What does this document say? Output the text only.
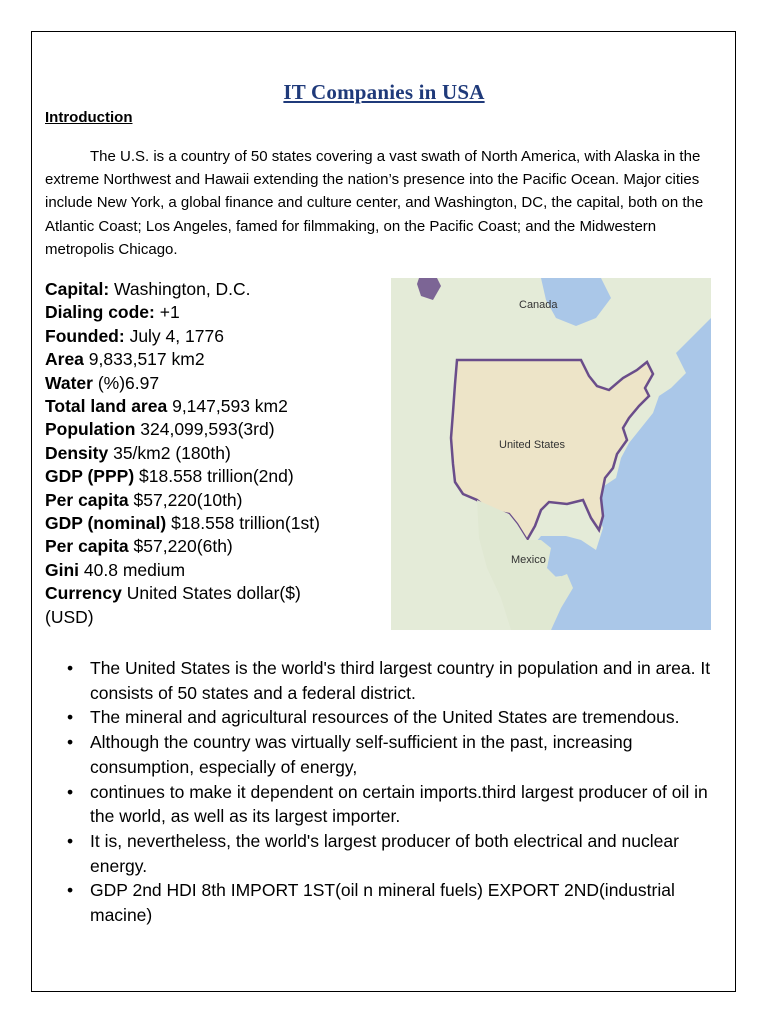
IT Companies in USA
Introduction
The U.S. is a country of 50 states covering a vast swath of North America, with Alaska in the extreme Northwest and Hawaii extending the nation’s presence into the Pacific Ocean. Major cities include New York, a global finance and culture center, and Washington, DC, the capital, both on the Atlantic Coast; Los Angeles, famed for filmmaking, on the Pacific Coast; and the Midwestern metropolis Chicago.
Capital: Washington, D.C.
Dialing code: +1
Founded: July 4, 1776
Area 9,833,517 km2
Water (%)6.97
Total land area 9,147,593 km2
Population 324,099,593(3rd)
Density 35/km2 (180th)
GDP (PPP) $18.558 trillion(2nd)
Per capita $57,220(10th)
GDP (nominal) $18.558 trillion(1st)
Per capita $57,220(6th)
Gini 40.8 medium
Currency United States dollar($)
(USD)
Canada
United States
Mexico
• The United States is the world's third largest country in population and in area. It consists of 50 states and a federal district.
• The mineral and agricultural resources of the United States are tremendous.
• Although the country was virtually self-sufficient in the past, increasing consumption, especially of energy,
• continues to make it dependent on certain imports.third largest producer of oil in the world, as well as its largest importer.
• It is, nevertheless, the world's largest producer of both electrical and nuclear energy.
• GDP 2nd HDI 8th IMPORT 1ST(oil n mineral fuels) EXPORT 2ND(industrial macine)
